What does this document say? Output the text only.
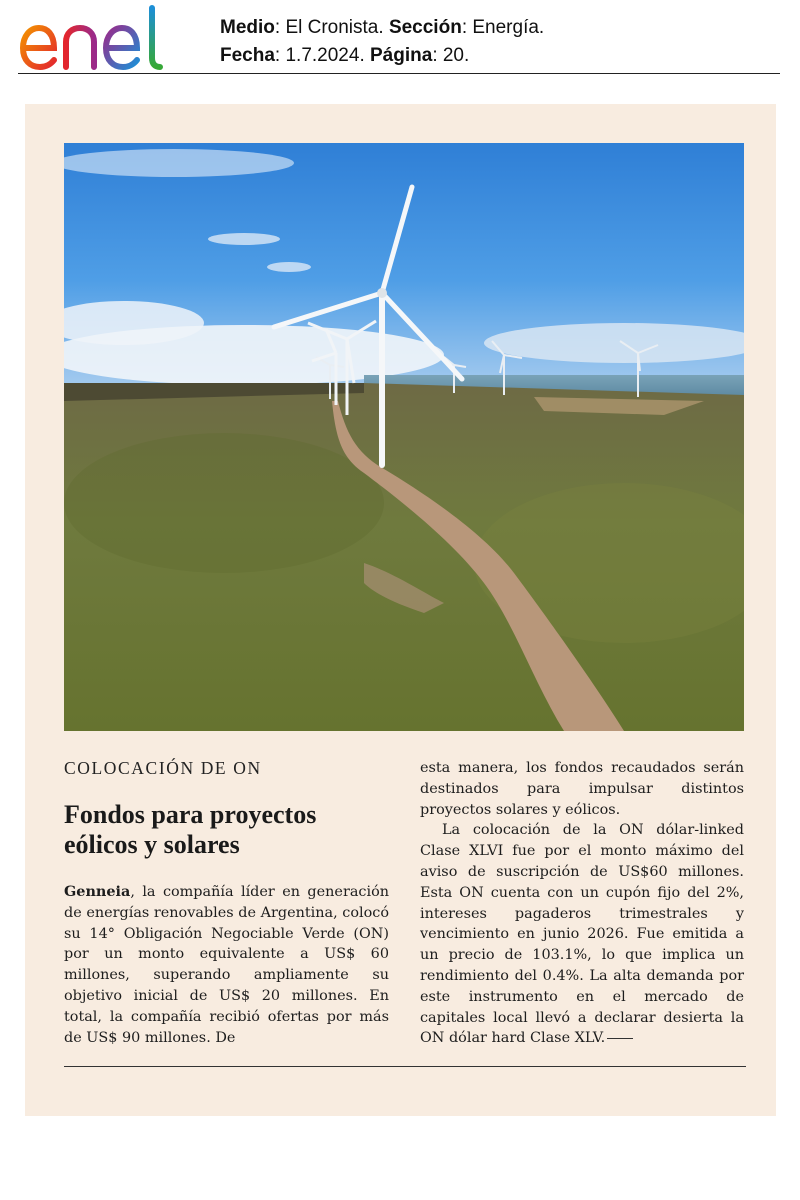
Medio: El Cronista. Sección: Energía.
Fecha: 1.7.2024. Página: 20.
COLOCACIÓN DE ON
Fondos para proyectos
eólicos y solares

Genneia, la compañía líder en generación de energías renovables de Argentina, colocó su 14° Obligación Negociable Verde (ON) por un monto equivalente a US$ 60 millones, superando ampliamente su objetivo inicial de US$ 20 millones. En total, la compañía recibió ofertas por más de US$ 90 millones. De

esta manera, los fondos recaudados serán destinados para impulsar distintos proyectos solares y eólicos.

La colocación de la ON dólar-linked Clase XLVI fue por el monto máximo del aviso de suscripción de US$60 millones. Esta ON cuenta con un cupón fijo del 2%, intereses pagaderos trimestrales y vencimiento en junio 2026. Fue emitida a un precio de 103.1%, lo que implica un rendimiento del 0.4%. La alta demanda por este instrumento en el mercado de capitales local llevó a declarar desierta la ON dólar hard Clase XLV.
